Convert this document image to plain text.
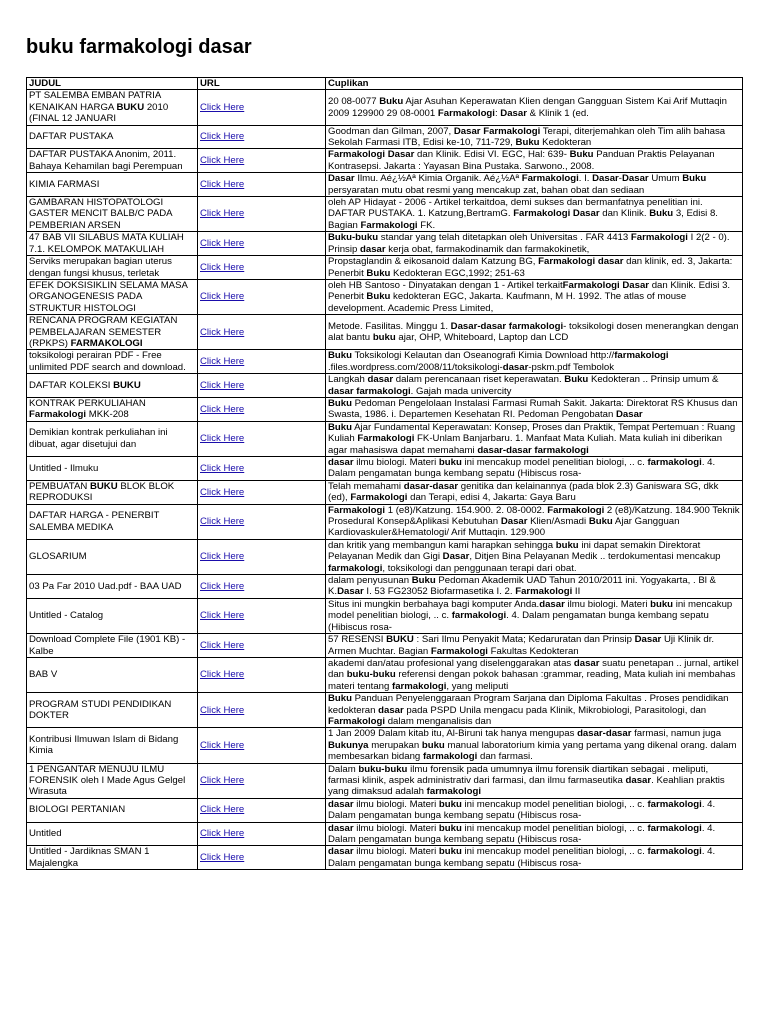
buku farmakologi dasar
JUDUL	URL	Cuplikan
PT SALEMBA EMBAN PATRIA KENAIKAN HARGA BUKU 2010 (FINAL 12 JANUARI	Click Here	20 08-0077 Buku Ajar Asuhan Keperawatan Klien dengan Gangguan Sistem Kai Arif Muttaqin 2009 129900 29 08-0001 Farmakologi: Dasar & Klinik 1 (ed.
DAFTAR PUSTAKA	Click Here	Goodman dan Gilman, 2007, Dasar Farmakologi Terapi, diterjemahkan oleh Tim alih bahasa Sekolah Farmasi ITB, Edisi ke-10, 711-729, Buku Kedokteran
DAFTAR PUSTAKA Anonim, 2011. Bahaya Kehamilan bagi Perempuan	Click Here	Farmakologi Dasar dan Klinik. Edisi VI. EGC, Hal: 639- Buku Panduan Praktis Pelayanan Kontrasepsi. Jakarta : Yayasan Bina Pustaka. Sarwono., 2008.
KIMIA FARMASI	Click Here	Dasar Ilmu. Aé¿½Aª Kimia Organik. Aé¿½Aª Farmakologi. I. Dasar-Dasar Umum Buku persyaratan mutu obat resmi yang mencakup zat, bahan obat dan sediaan
GAMBARAN HISTOPATOLOGI GASTER MENCIT BALB/C PADA PEMBERIAN ARSEN	Click Here	oleh AP Hidayat - 2006 - Artikel terkaitdoa, demi sukses dan bermanfatnya penelitian ini. DAFTAR PUSTAKA. 1. Katzung,BertramG. Farmakologi Dasar dan Klinik. Buku 3, Edisi 8. Bagian Farmakologi FK.
47 BAB VII SILABUS MATA KULIAH 7.1. KELOMPOK MATAKULIAH	Click Here	Buku-buku standar yang telah ditetapkan oleh Universitas . FAR 4413 Farmakologi I 2(2 - 0). Prinsip dasar kerja obat, farmakodinamik dan farmakokinetik,
Serviks merupakan bagian uterus dengan fungsi khusus, terletak	Click Here	Propstaglandin & eikosanoid dalam Katzung BG, Farmakologi dasar dan klinik, ed. 3, Jakarta: Penerbit Buku Kedokteran EGC,1992; 251-63
EFEK DOKSISIKLIN SELAMA MASA ORGANOGENESIS PADA STRUKTUR HISTOLOGI	Click Here	oleh HB Santoso - Dinyatakan dengan 1 - Artikel terkaitFarmakologi Dasar dan Klinik. Edisi 3. Penerbit Buku kedokteran EGC, Jakarta. Kaufmann, M H. 1992. The atlas of mouse development. Academic Press Limited,
RENCANA PROGRAM KEGIATAN PEMBELAJARAN SEMESTER (RPKPS) FARMAKOLOGI	Click Here	Metode. Fasilitas. Minggu 1. Dasar-dasar farmakologi- toksikologi dosen menerangkan dengan alat bantu buku ajar, OHP, Whiteboard, Laptop dan LCD
toksikologi perairan PDF - Free unlimited PDF search and download.	Click Here	Buku Toksikologi Kelautan dan Oseanografi Kimia Download http://farmakologi .files.wordpress.com/2008/11/toksikologi-dasar-pskm.pdf Tembolok
DAFTAR KOLEKSI BUKU	Click Here	Langkah dasar dalam perencanaan riset keperawatan. Buku Kedokteran .. Prinsip umum & dasar farmakologi. Gajah mada univercity
KONTRAK PERKULIAHAN Farmakologi MKK-208	Click Here	Buku Pedoman Pengelolaan Instalasi Farmasi Rumah Sakit. Jakarta: Direktorat RS Khusus dan Swasta, 1986. i. Departemen Kesehatan RI. Pedoman Pengobatan Dasar
Demikian kontrak perkuliahan ini dibuat, agar disetujui dan	Click Here	Buku Ajar Fundamental Keperawatan: Konsep, Proses dan Praktik, Tempat Pertemuan : Ruang Kuliah Farmakologi FK-Unlam Banjarbaru. 1. Manfaat Mata Kuliah. Mata kuliah ini diberikan agar mahasiswa dapat memahami dasar-dasar farmakologi
Untitled - Ilmuku	Click Here	dasar ilmu biologi. Materi buku ini mencakup model penelitian biologi, .. c. farmakologi. 4. Dalam pengamatan bunga kembang sepatu (Hibiscus rosa-
PEMBUATAN BUKU BLOK BLOK REPRODUKSI	Click Here	Telah memahami dasar-dasar genitika dan kelainannya (pada blok 2.3) Ganiswara SG, dkk (ed), Farmakologi dan Terapi, edisi 4, Jakarta: Gaya Baru
DAFTAR HARGA - PENERBIT SALEMBA MEDIKA	Click Here	Farmakologi 1 (e8)/Katzung. 154.900. 2. 08-0002. Farmakologi 2 (e8)/Katzung. 184.900 Teknik Prosedural Konsep&Aplikasi Kebutuhan Dasar Klien/Asmadi Buku Ajar Gangguan Kardiovaskuler&Hematologi/ Arif Muttaqin. 129.900
GLOSARIUM	Click Here	dan kritik yang membangun kami harapkan sehingga buku ini dapat semakin Direktorat Pelayanan Medik dan Gigi Dasar, Ditjen Bina Pelayanan Medik .. terdokumentasi mencakup farmakologi, toksikologi dan penggunaan terapi dari obat.
03 Pa Far 2010 Uad.pdf - BAA UAD	Click Here	dalam penyusunan Buku Pedoman Akademik UAD Tahun 2010/2011 ini. Yogyakarta, . Bl & K.Dasar I. 53 FG23052 Biofarmasetika I. 2. Farmakologi II
Untitled - Catalog	Click Here	Situs ini mungkin berbahaya bagi komputer Anda.dasar ilmu biologi. Materi buku ini mencakup model penelitian biologi, .. c. farmakologi. 4. Dalam pengamatan bunga kembang sepatu (Hibiscus rosa-
Download Complete File (1901 KB) - Kalbe	Click Here	57 RESENSI BUKU : Sari Ilmu Penyakit Mata; Kedaruratan dan Prinsip Dasar Uji Klinik dr. Armen Muchtar. Bagian Farmakologi Fakultas Kedokteran
BAB V	Click Here	akademi dan/atau profesional yang diselenggarakan atas dasar suatu penetapan .. jurnal, artikel dan buku-buku referensi dengan pokok bahasan :grammar, reading, Mata kuliah ini membahas materi tentang farmakologi, yang meliputi
PROGRAM STUDI PENDIDIKAN DOKTER	Click Here	Buku Panduan Penyelenggaraan Program Sarjana dan Diploma Fakultas . Proses pendidikan kedokteran dasar pada PSPD Unila mengacu pada Klinik, Mikrobiologi, Parasitologi, dan Farmakologi dalam menganalisis dan
Kontribusi Ilmuwan Islam di Bidang Kimia	Click Here	1 Jan 2009 Dalam kitab itu, Al-Biruni tak hanya mengupas dasar-dasar farmasi, namun juga Bukunya merupakan buku manual laboratorium kimia yang pertama yang dikenal orang. dalam membesarkan bidang farmakologi dan farmasi.
1 PENGANTAR MENUJU ILMU FORENSIK oleh I Made Agus Gelgel Wirasuta	Click Here	Dalam buku-buku ilmu forensik pada umumnya ilmu forensik diartikan sebagai . meliputi, farmasi klinik, aspek administrativ dari farmasi, dan ilmu farmaseutika dasar. Keahlian praktis yang dimaksud adalah farmakologi
BIOLOGI PERTANIAN	Click Here	dasar ilmu biologi. Materi buku ini mencakup model penelitian biologi, .. c. farmakologi. 4. Dalam pengamatan bunga kembang sepatu (Hibiscus rosa-
Untitled	Click Here	dasar ilmu biologi. Materi buku ini mencakup model penelitian biologi, .. c. farmakologi. 4. Dalam pengamatan bunga kembang sepatu (Hibiscus rosa-
Untitled - Jardiknas SMAN 1 Majalengka	Click Here	dasar ilmu biologi. Materi buku ini mencakup model penelitian biologi, .. c. farmakologi. 4. Dalam pengamatan bunga kembang sepatu (Hibiscus rosa-
